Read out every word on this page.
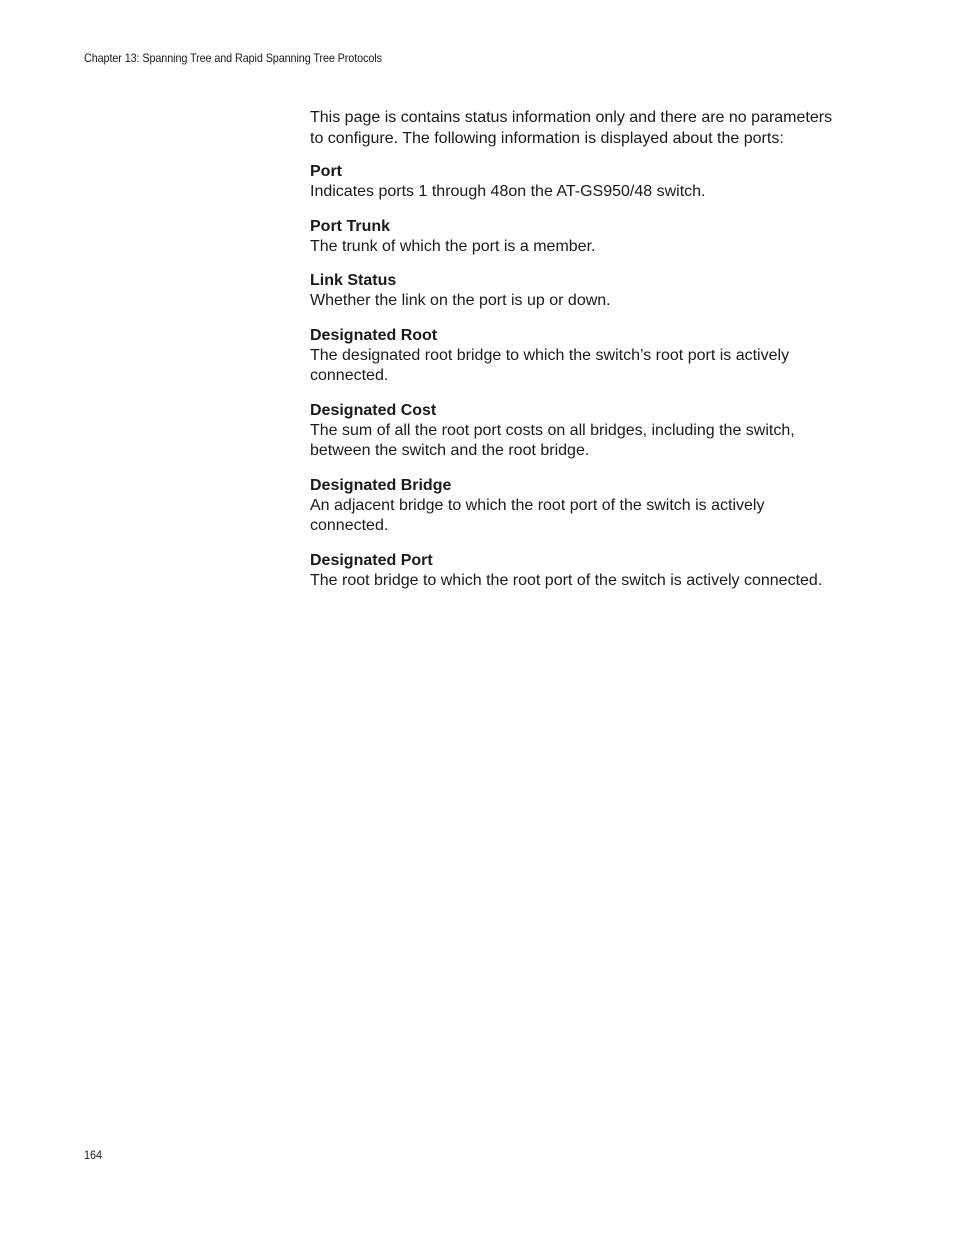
Chapter 13: Spanning Tree and Rapid Spanning Tree Protocols

This page is contains status information only and there are no parameters to configure. The following information is displayed about the ports:

Port
Indicates ports 1 through 48on the AT-GS950/48 switch.
Port Trunk
The trunk of which the port is a member.
Link Status
Whether the link on the port is up or down.
Designated Root
The designated root bridge to which the switch’s root port is actively connected.
Designated Cost
The sum of all the root port costs on all bridges, including the switch, between the switch and the root bridge.
Designated Bridge
An adjacent bridge to which the root port of the switch is actively connected.
Designated Port
The root bridge to which the root port of the switch is actively connected.
164
